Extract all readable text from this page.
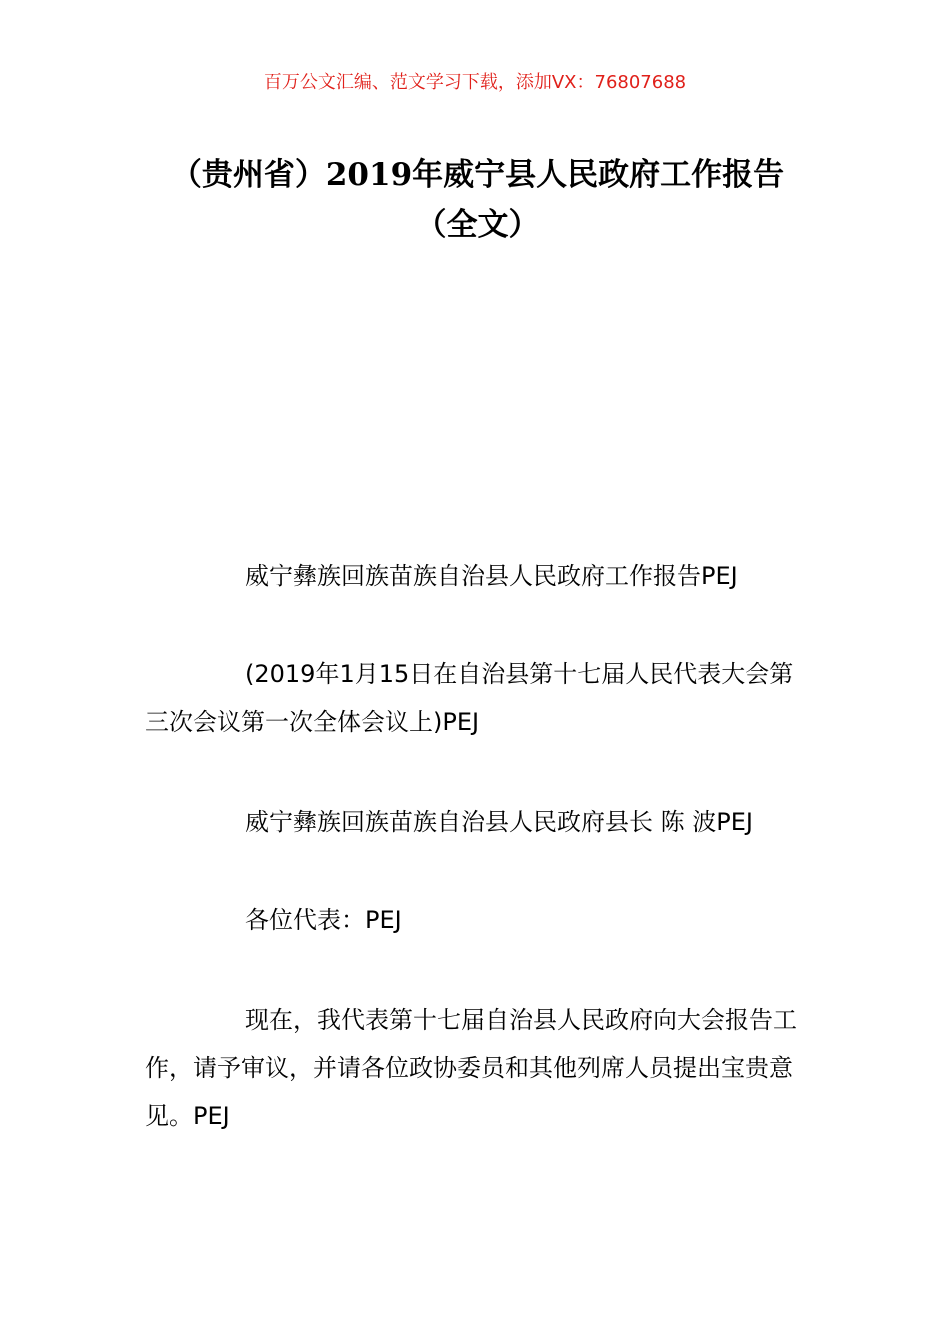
百万公文汇编、范文学习下载，添加VX：76807688
（贵州省）2019年威宁县人民政府工作报告（全文）

威宁彝族回族苗族自治县人民政府工作报告PEJ

(2019年1月15日在自治县第十七届人民代表大会第三次会议第一次全体会议上)PEJ

威宁彝族回族苗族自治县人民政府县长 陈 波PEJ

各位代表：PEJ

现在，我代表第十七届自治县人民政府向大会报告工作，请予审议，并请各位政协委员和其他列席人员提出宝贵意见。PEJ
